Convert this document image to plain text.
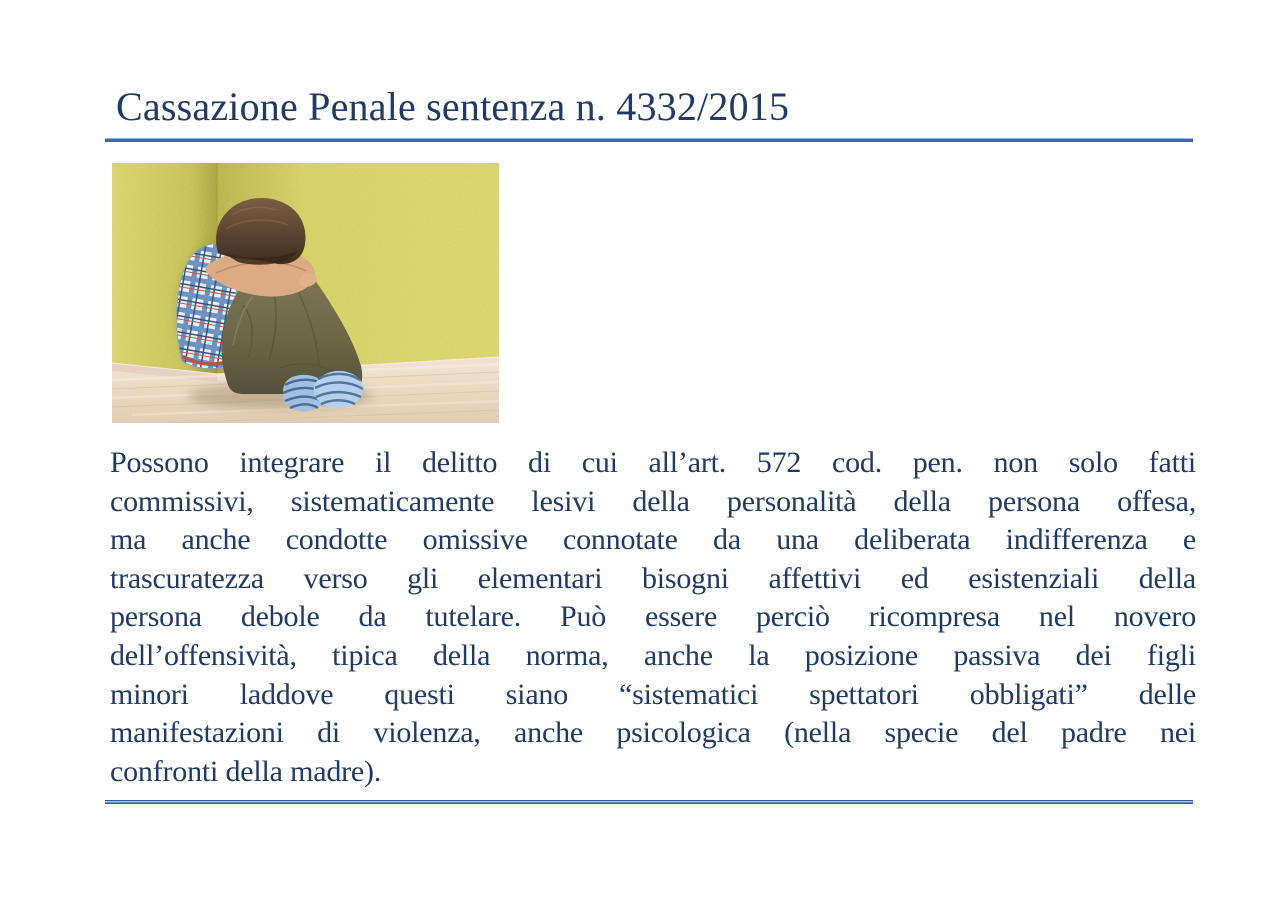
Cassazione Penale sentenza n. 4332/2015
Possono integrare il delitto di cui all’art. 572 cod. pen. non solo fatti
commissivi, sistematicamente lesivi della personalità della persona offesa,
ma anche condotte omissive connotate da una deliberata indifferenza e
trascuratezza verso gli elementari bisogni affettivi ed esistenziali della
persona debole da tutelare. Può essere perciò ricompresa nel novero
dell’offensività, tipica della norma, anche la posizione passiva dei figli
minori laddove questi siano “sistematici spettatori obbligati” delle
manifestazioni di violenza, anche psicologica (nella specie del padre nei
confronti della madre).
